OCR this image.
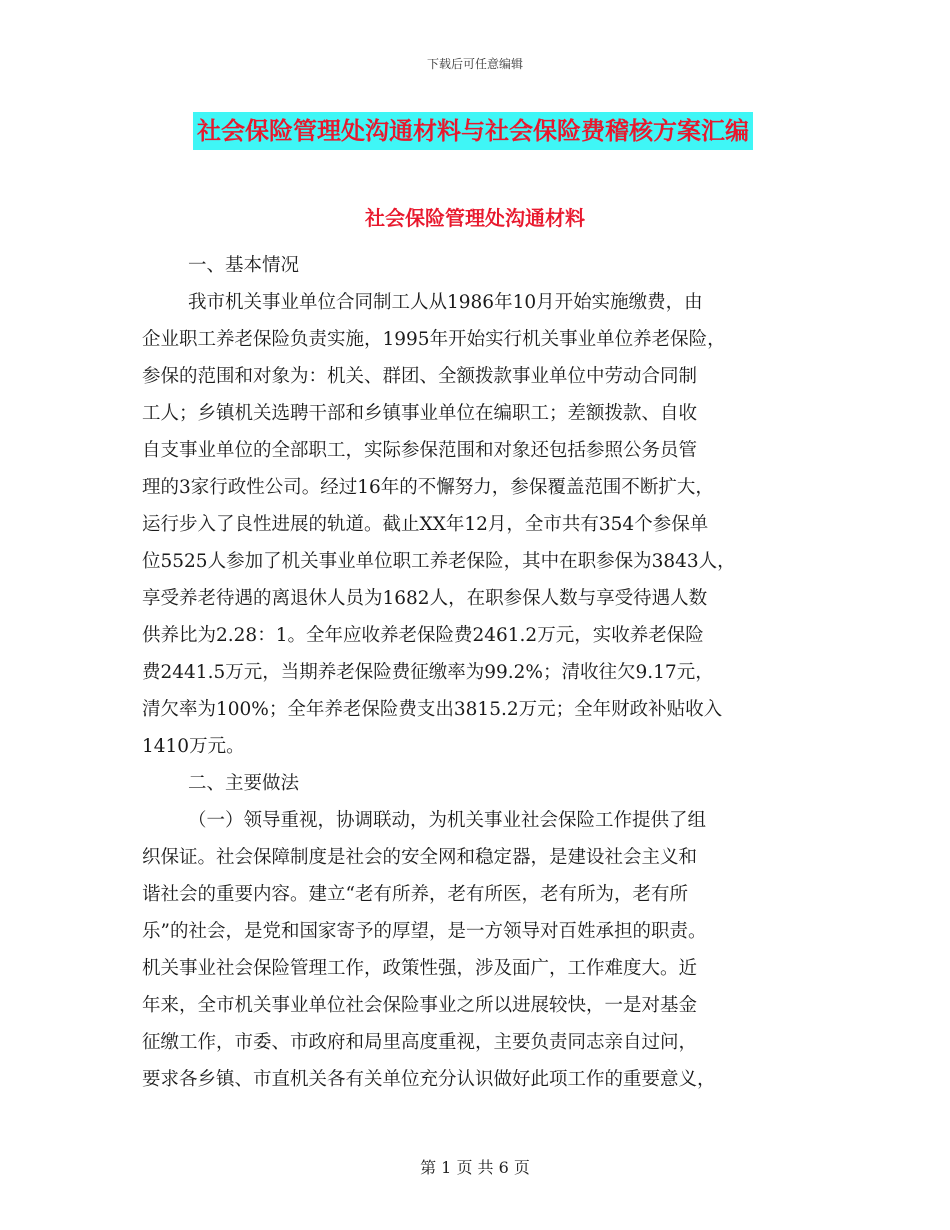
下载后可任意编辑
社会保险管理处沟通材料与社会保险费稽核方案汇编
社会保险管理处沟通材料
一、基本情况
我市机关事业单位合同制工人从1986年10月开始实施缴费，由
企业职工养老保险负责实施，1995年开始实行机关事业单位养老保险，
参保的范围和对象为：机关、群团、全额拨款事业单位中劳动合同制
工人；乡镇机关选聘干部和乡镇事业单位在编职工；差额拨款、自收
自支事业单位的全部职工，实际参保范围和对象还包括参照公务员管
理的3家行政性公司。经过16年的不懈努力，参保覆盖范围不断扩大，
运行步入了良性进展的轨道。截止XX年12月，全市共有354个参保单
位5525人参加了机关事业单位职工养老保险，其中在职参保为3843人，
享受养老待遇的离退休人员为1682人，在职参保人数与享受待遇人数
供养比为2.28：1。全年应收养老保险费2461.2万元，实收养老保险
费2441.5万元，当期养老保险费征缴率为99.2%；清收往欠9.17元，
清欠率为100%；全年养老保险费支出3815.2万元；全年财政补贴收入
1410万元。
二、主要做法
（一）领导重视，协调联动，为机关事业社会保险工作提供了组
织保证。社会保障制度是社会的安全网和稳定器，是建设社会主义和
谐社会的重要内容。建立“老有所养，老有所医，老有所为，老有所
乐”的社会，是党和国家寄予的厚望，是一方领导对百姓承担的职责。
机关事业社会保险管理工作，政策性强，涉及面广，工作难度大。近
年来，全市机关事业单位社会保险事业之所以进展较快，一是对基金
征缴工作，市委、市政府和局里高度重视，主要负责同志亲自过问，
要求各乡镇、市直机关各有关单位充分认识做好此项工作的重要意义，
第 1 页 共 6 页
